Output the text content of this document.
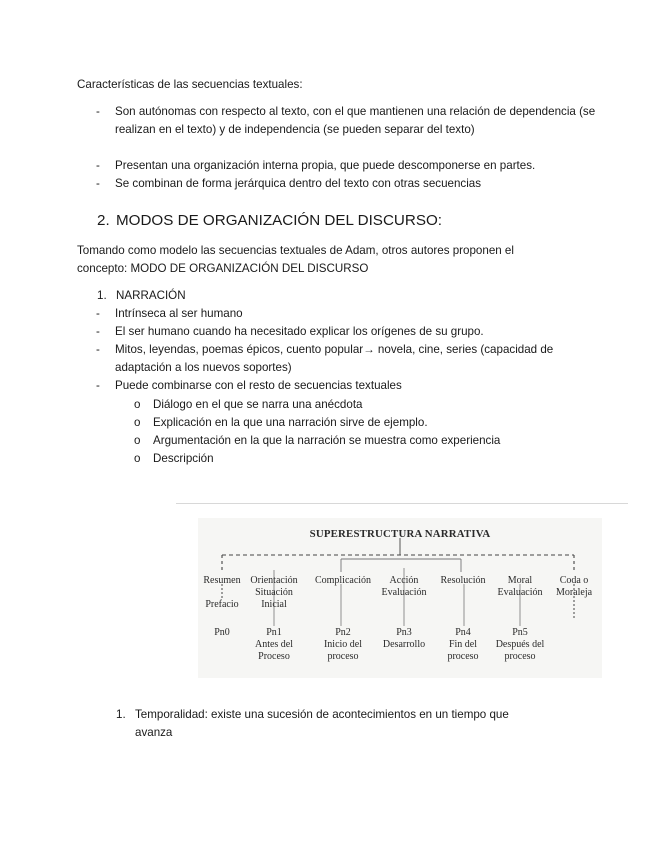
Características de las secuencias textuales:
- Son autónomas con respecto al texto, con el que mantienen una relación de dependencia (se realizan en el texto) y de independencia (se pueden separar del texto)
- Presentan una organización interna propia, que puede descomponerse en partes.
- Se combinan de forma jerárquica dentro del texto con otras secuencias
2. MODOS DE ORGANIZACIÓN DEL DISCURSO:
Tomando como modelo las secuencias textuales de Adam, otros autores proponen el
concepto: MODO DE ORGANIZACIÓN DEL DISCURSO
1. NARRACIÓN
- Intrínseca al ser humano
- El ser humano cuando ha necesitado explicar los orígenes de su grupo.
- Mitos, leyendas, poemas épicos, cuento popular→ novela, cine, series (capacidad de adaptación a los nuevos soportes)
- Puede combinarse con el resto de secuencias textuales
o Diálogo en el que se narra una anécdota
o Explicación en la que una narración sirve de ejemplo.
o Argumentación en la que la narración se muestra como experiencia
o Descripción
SUPERESTRUCTURA NARRATIVA
Resumen
Prefacio
Orientación
Situación
Inicial
Complicación	Acción
Evaluación
Resolución	Moral
Evaluación
Coda o
Moraleja
Pn0	Pn1
Antes del
Proceso
Pn2
Inicio del
proceso
Pn3
Desarrollo
Pn4
Fin del
proceso
Pn5
Después del
proceso
1. Temporalidad: existe una sucesión de acontecimientos en un tiempo que
avanza
